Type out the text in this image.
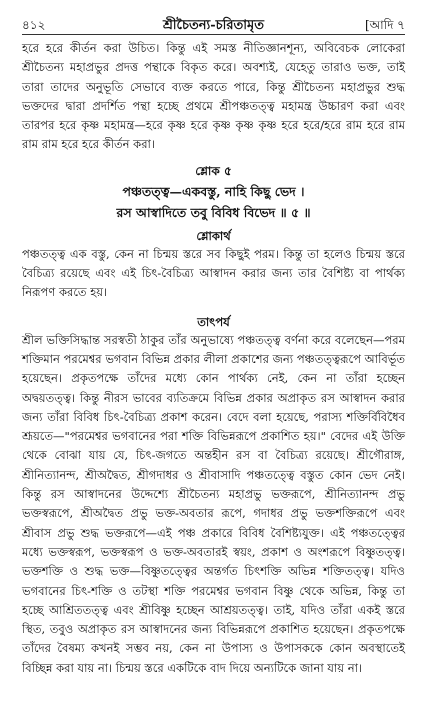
৪১২	শ্রীচৈতন্য-চরিতামৃত	[আদি ৭

হরে হরে কীর্তন করা উচিত। কিন্তু এই সমস্ত নীতিজ্ঞানশূন্য, অবিবেচক লোকেরা শ্রীচৈতন্য মহাপ্রভুর প্রদত্ত পন্থাকে বিকৃত করে। অবশ্যই, যেহেতু তারাও ভক্ত, তাই তারা তাদের অনুভূতি সেভাবে ব্যক্ত করতে পারে, কিন্তু শ্রীচৈতন্য মহাপ্রভুর শুদ্ধ ভক্তদের দ্বারা প্রদর্শিত পন্থা হচ্ছে প্রথমে শ্রীপঞ্চতত্ত্ব মহামন্ত্র উচ্চারণ করা এবং তারপর হরে কৃষ্ণ মহামন্ত্র—হরে কৃষ্ণ হরে কৃষ্ণ কৃষ্ণ কৃষ্ণ হরে হরে/হরে রাম হরে রাম রাম রাম হরে হরে কীর্তন করা।

শ্লোক ৫
পঞ্চতত্ত্ব—একবস্তু, নাহি কিছু ভেদ ।
রস আস্বাদিতে তবু বিবিধ বিভেদ ॥ ৫ ॥
শ্লোকার্থ

পঞ্চতত্ত্ব এক বস্তু, কেন না চিন্ময় স্তরে সব কিছুই পরম। কিন্তু তা হলেও চিন্ময় স্তরে বৈচিত্র্য রয়েছে এবং এই চিৎ-বৈচিত্র্য আস্বাদন করার জন্য তার বৈশিষ্ট্য বা পার্থক্য নিরূপণ করতে হয়।

তাৎপর্য

শ্রীল ভক্তিসিদ্ধান্ত সরস্বতী ঠাকুর তাঁর অনুভাষ্যে পঞ্চতত্ত্ব বর্ণনা করে বলেছেন—পরম শক্তিমান পরমেশ্বর ভগবান বিভিন্ন প্রকার লীলা প্রকাশের জন্য পঞ্চতত্ত্বরূপে আবির্ভূত হয়েছেন। প্রকৃতপক্ষে তাঁদের মধ্যে কোন পার্থক্য নেই, কেন না তাঁরা হচ্ছেন অদ্বয়তত্ত্ব। কিন্তু নীরস ভাবের ব্যতিক্রমে বিভিন্ন প্রকার অপ্রাকৃত রস আস্বাদন করার জন্য তাঁরা বিবিধ চিৎ-বৈচিত্র্য প্রকাশ করেন। বেদে বলা হয়েছে, পরাস্য শক্তির্বিবিধৈব শ্রূয়তে—"পরমেশ্বর ভগবানের পরা শক্তি বিভিন্নরূপে প্রকাশিত হয়।" বেদের এই উক্তি থেকে বোঝা যায় যে, চিৎ-জগতে অন্তহীন রস বা বৈচিত্র্য রয়েছে। শ্রীগৌরাঙ্গ, শ্রীনিত্যানন্দ, শ্রীঅদ্বৈত, শ্রীগদাধর ও শ্রীবাসাদি পঞ্চতত্ত্বে বস্তুত কোন ভেদ নেই। কিন্তু রস আস্বাদনের উদ্দেশ্যে শ্রীচৈতন্য মহাপ্রভু ভক্তরূপে, শ্রীনিত্যানন্দ প্রভু ভক্তস্বরূপে, শ্রীঅদ্বৈত প্রভু ভক্ত-অবতার রূপে, গদাধর প্রভু ভক্তশক্তিরূপে এবং শ্রীবাস প্রভু শুদ্ধ ভক্তরূপে—এই পঞ্চ প্রকারে বিবিধ বৈশিষ্ট্যযুক্ত। এই পঞ্চতত্ত্বের মধ্যে ভক্তস্বরূপ, ভক্তস্বরূপ ও ভক্ত-অবতারই স্বয়ং, প্রকাশ ও অংশরূপে বিষ্ণুতত্ত্ব। ভক্তশক্তি ও শুদ্ধ ভক্ত—বিষ্ণুতত্ত্বের অন্তর্গত চিৎশক্তি অভিন্ন শক্তিতত্ত্ব। যদিও ভগবানের চিৎ-শক্তি ও তটস্থা শক্তি পরমেশ্বর ভগবান বিষ্ণু থেকে অভিন্ন, কিন্তু তা হচ্ছে আশ্রিততত্ত্ব এবং শ্রীবিষ্ণু হচ্ছেন আশ্রয়তত্ত্ব। তাই, যদিও তাঁরা একই স্তরে স্থিত, তবুও অপ্রাকৃত রস আস্বাদনের জন্য বিভিন্নরূপে প্রকাশিত হয়েছেন। প্রকৃতপক্ষে তাঁদের বৈষম্য কখনই সম্ভব নয়, কেন না উপাস্য ও উপাসককে কোন অবস্থাতেই বিচ্ছিন্ন করা যায় না। চিন্ময় স্তরে একটিকে বাদ দিয়ে অন্যটিকে জানা যায় না।
